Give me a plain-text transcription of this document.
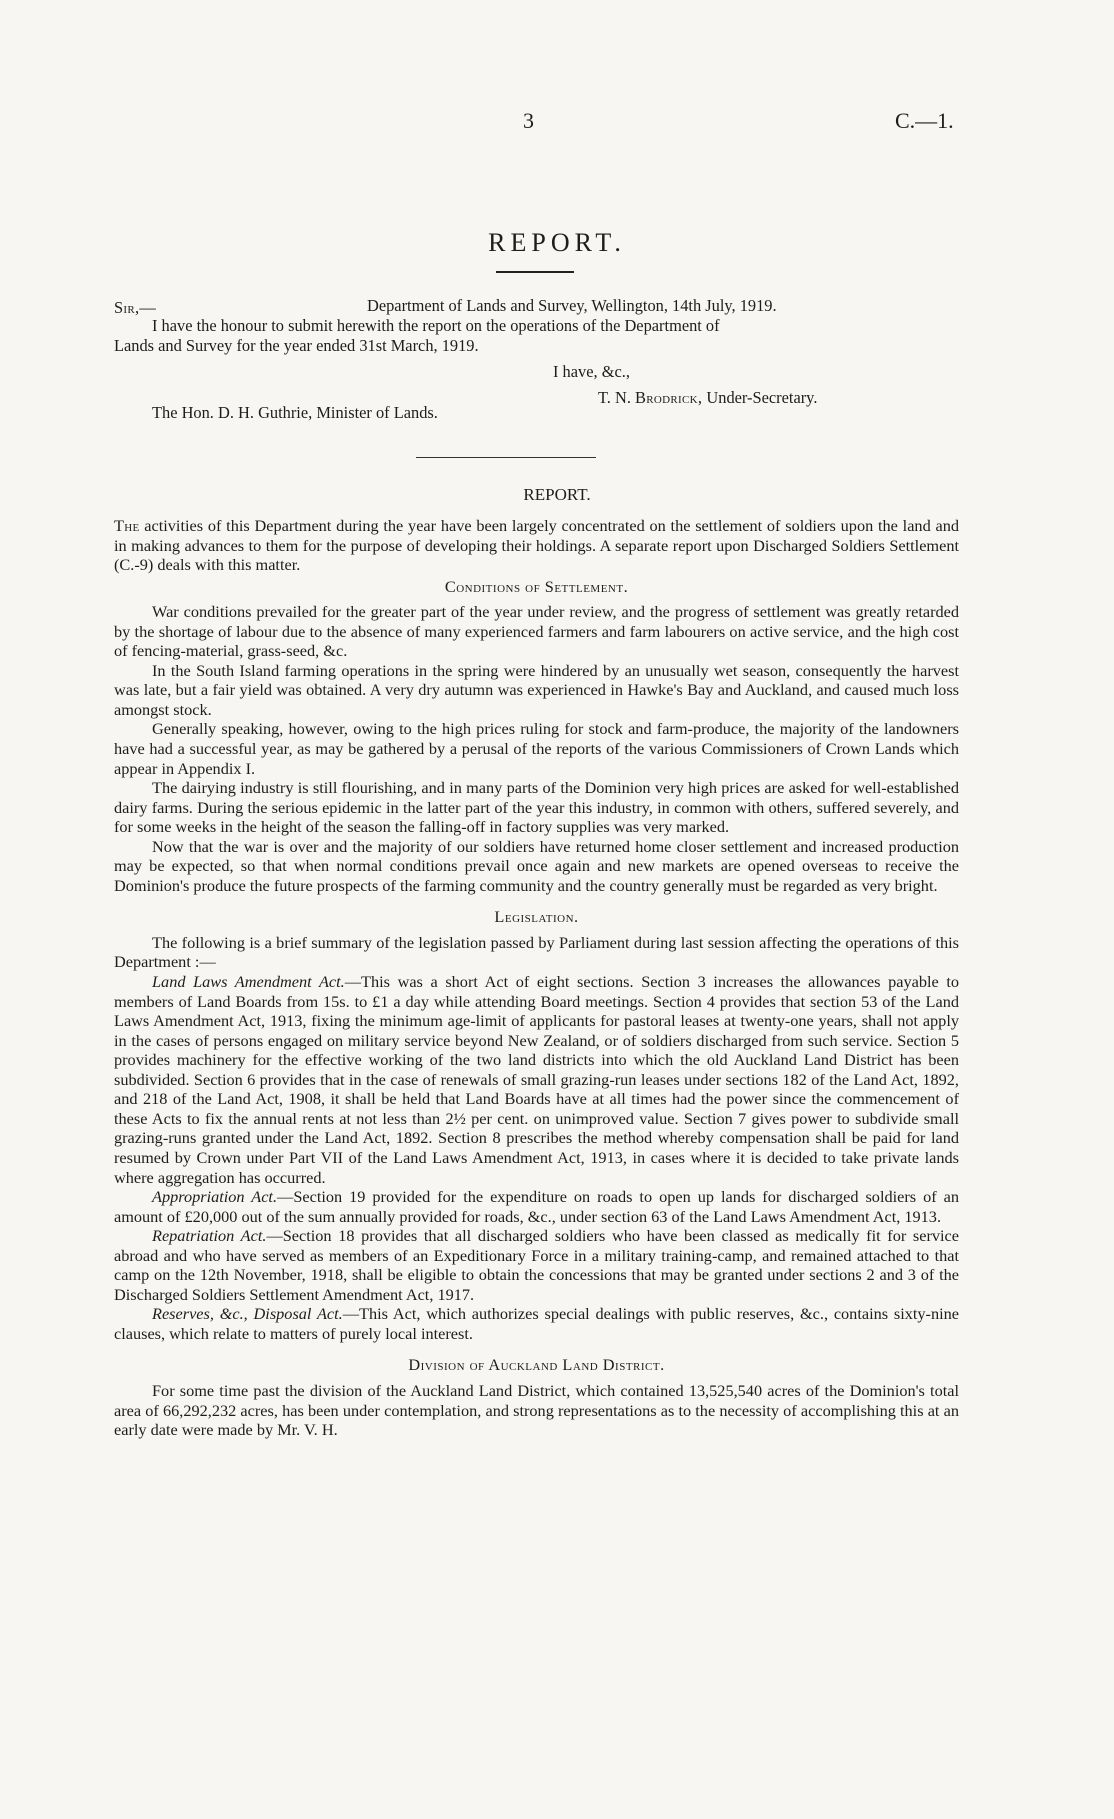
3	C.—1.
REPORT.
Sir,—	Department of Lands and Survey, Wellington, 14th July, 1919.
I have the honour to submit herewith the report on the operations of the Department of
Lands and Survey for the year ended 31st March, 1919.
I have, &c.,
T. N. Brodrick, Under-Secretary.
The Hon. D. H. Guthrie, Minister of Lands.
REPORT.

The activities of this Department during the year have been largely concentrated on the settlement of soldiers upon the land and in making advances to them for the purpose of developing their holdings. A separate report upon Discharged Soldiers Settlement (C.-9) deals with this matter.

Conditions of Settlement.

War conditions prevailed for the greater part of the year under review, and the progress of settlement was greatly retarded by the shortage of labour due to the absence of many experienced farmers and farm labourers on active service, and the high cost of fencing-material, grass-seed, &c.

In the South Island farming operations in the spring were hindered by an unusually wet season, consequently the harvest was late, but a fair yield was obtained. A very dry autumn was experienced in Hawke's Bay and Auckland, and caused much loss amongst stock.

Generally speaking, however, owing to the high prices ruling for stock and farm-produce, the majority of the landowners have had a successful year, as may be gathered by a perusal of the reports of the various Commissioners of Crown Lands which appear in Appendix I.

The dairying industry is still flourishing, and in many parts of the Dominion very high prices are asked for well-established dairy farms. During the serious epidemic in the latter part of the year this industry, in common with others, suffered severely, and for some weeks in the height of the season the falling-off in factory supplies was very marked.

Now that the war is over and the majority of our soldiers have returned home closer settlement and increased production may be expected, so that when normal conditions prevail once again and new markets are opened overseas to receive the Dominion's produce the future prospects of the farming community and the country generally must be regarded as very bright.

Legislation.

The following is a brief summary of the legislation passed by Parliament during last session affecting the operations of this Department :—

Land Laws Amendment Act.—This was a short Act of eight sections. Section 3 increases the allowances payable to members of Land Boards from 15s. to £1 a day while attending Board meetings. Section 4 provides that section 53 of the Land Laws Amendment Act, 1913, fixing the minimum age-limit of applicants for pastoral leases at twenty-one years, shall not apply in the cases of persons engaged on military service beyond New Zealand, or of soldiers discharged from such service. Section 5 provides machinery for the effective working of the two land districts into which the old Auckland Land District has been subdivided. Section 6 provides that in the case of renewals of small grazing-run leases under sections 182 of the Land Act, 1892, and 218 of the Land Act, 1908, it shall be held that Land Boards have at all times had the power since the commencement of these Acts to fix the annual rents at not less than 2½ per cent. on unimproved value. Section 7 gives power to subdivide small grazing-runs granted under the Land Act, 1892. Section 8 prescribes the method whereby compensation shall be paid for land resumed by Crown under Part VII of the Land Laws Amendment Act, 1913, in cases where it is decided to take private lands where aggregation has occurred.

Appropriation Act.—Section 19 provided for the expenditure on roads to open up lands for discharged soldiers of an amount of £20,000 out of the sum annually provided for roads, &c., under section 63 of the Land Laws Amendment Act, 1913.

Repatriation Act.—Section 18 provides that all discharged soldiers who have been classed as medically fit for service abroad and who have served as members of an Expeditionary Force in a military training-camp, and remained attached to that camp on the 12th November, 1918, shall be eligible to obtain the concessions that may be granted under sections 2 and 3 of the Discharged Soldiers Settlement Amendment Act, 1917.

Reserves, &c., Disposal Act.—This Act, which authorizes special dealings with public reserves, &c., contains sixty-nine clauses, which relate to matters of purely local interest.

Division of Auckland Land District.

For some time past the division of the Auckland Land District, which contained 13,525,540 acres of the Dominion's total area of 66,292,232 acres, has been under contemplation, and strong representations as to the necessity of accomplishing this at an early date were made by Mr. V. H.
